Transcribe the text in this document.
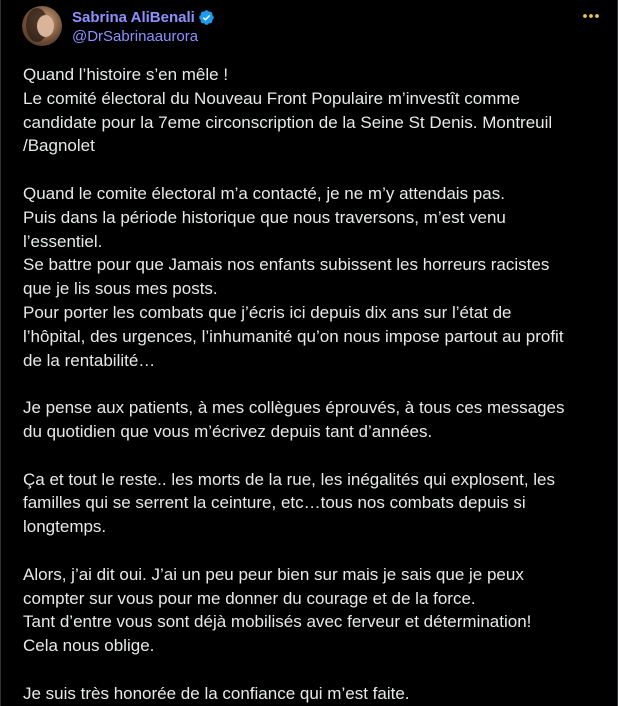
Sabrina AliBenali
@DrSabrinaaurora
Quand l’histoire s’en mêle !
Le comité électoral du Nouveau Front Populaire m’investît comme
candidate pour la 7eme circonscription de la Seine St Denis. Montreuil
/Bagnolet
Quand le comite électoral m’a contacté, je ne m’y attendais pas.
Puis dans la période historique que nous traversons, m’est venu
l’essentiel.
Se battre pour que Jamais nos enfants subissent les horreurs racistes
que je lis sous mes posts.
Pour porter les combats que j’écris ici depuis dix ans sur l’état de
l’hôpital, des urgences, l’inhumanité qu’on nous impose partout au profit
de la rentabilité…
Je pense aux patients, à mes collègues éprouvés, à tous ces messages
du quotidien que vous m’écrivez depuis tant d’années.
Ça et tout le reste.. les morts de la rue, les inégalités qui explosent, les
familles qui se serrent la ceinture, etc…tous nos combats depuis si
longtemps.
Alors, j’ai dit oui. J’ai un peu peur bien sur mais je sais que je peux
compter sur vous pour me donner du courage et de la force.
Tant d’entre vous sont déjà mobilisés avec ferveur et détermination!
Cela nous oblige.
Je suis très honorée de la confiance qui m’est faite.
